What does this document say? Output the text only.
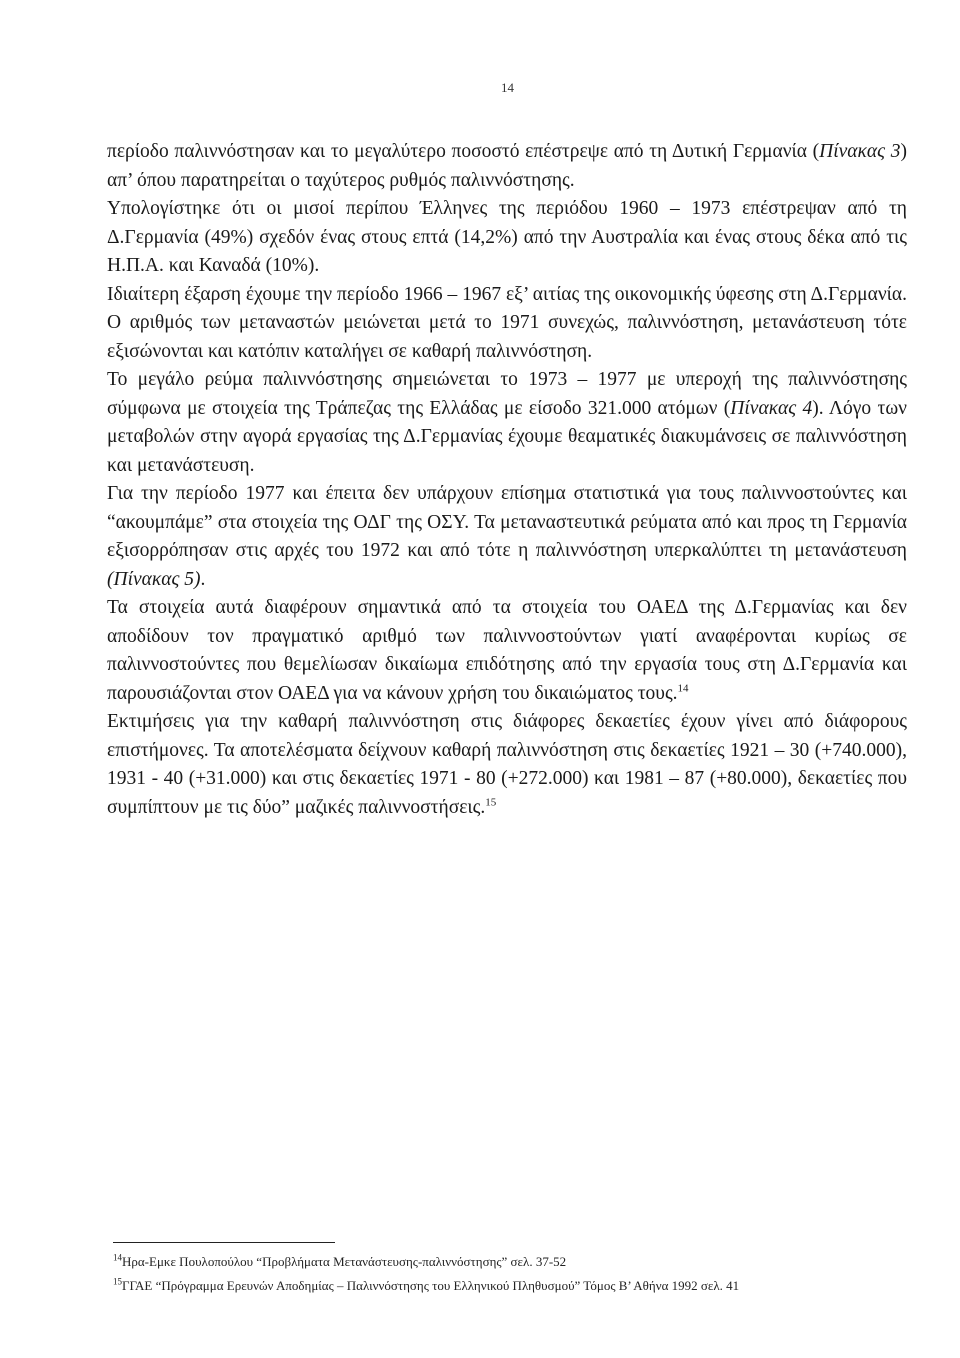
14

περίοδο παλιννόστησαν και το μεγαλύτερο ποσοστό επέστρεψε από τη Δυτική Γερμανία (Πίνακας 3) απ’ όπου παρατηρείται ο ταχύτερος ρυθμός παλιννόστησης.

Υπολογίστηκε ότι οι μισοί περίπου Έλληνες της περιόδου 1960 – 1973 επέστρεψαν από τη Δ.Γερμανία (49%) σχεδόν ένας στους επτά (14,2%) από την Αυστραλία και ένας στους δέκα από τις Η.Π.Α. και Καναδά (10%).

Ιδιαίτερη έξαρση έχουμε την περίοδο 1966 – 1967 εξ’ αιτίας της οικονομικής ύφεσης στη Δ.Γερμανία. Ο αριθμός των μεταναστών μειώνεται μετά το 1971 συνεχώς, παλιννόστηση, μετανάστευση τότε εξισώνονται και κατόπιν καταλήγει σε καθαρή παλιννόστηση.

Το μεγάλο ρεύμα παλιννόστησης σημειώνεται το 1973 – 1977 με υπεροχή της παλιννόστησης σύμφωνα με στοιχεία της Τράπεζας της Ελλάδας με είσοδο 321.000 ατόμων (Πίνακας 4). Λόγο των μεταβολών στην αγορά εργασίας της Δ.Γερμανίας έχουμε θεαματικές διακυμάνσεις σε παλιννόστηση και μετανάστευση.

Για την περίοδο 1977 και έπειτα δεν υπάρχουν επίσημα στατιστικά για τους παλιννοστούντες και “ακουμπάμε” στα στοιχεία της ΟΔΓ της ΟΣΥ. Τα μεταναστευτικά ρεύματα από και προς τη Γερμανία εξισορρόπησαν στις αρχές του 1972 και από τότε η παλιννόστηση υπερκαλύπτει τη μετανάστευση (Πίνακας 5).

Τα στοιχεία αυτά διαφέρουν σημαντικά από τα στοιχεία του ΟΑΕΔ της Δ.Γερμανίας και δεν αποδίδουν τον πραγματικό αριθμό των παλιννοστούντων γιατί αναφέρονται κυρίως σε παλιννοστούντες που θεμελίωσαν δικαίωμα επιδότησης από την εργασία τους στη Δ.Γερμανία και παρουσιάζονται στον ΟΑΕΔ για να κάνουν χρήση του δικαιώματος τους.$^{14}$

Εκτιμήσεις για την καθαρή παλιννόστηση στις διάφορες δεκαετίες έχουν γίνει από διάφορους επιστήμονες. Τα αποτελέσματα δείχνουν καθαρή παλιννόστηση στις δεκαετίες 1921 – 30 (+740.000), 1931 - 40 (+31.000) και στις δεκαετίες 1971 - 80 (+272.000) και 1981 – 87 (+80.000), δεκαετίες που συμπίπτουν με τις δύο” μαζικές παλιννοστήσεις.$^{15}$

$^{14}$Ηρα-Εμκε Πουλοπούλου “Προβλήματα Μετανάστευσης-παλιννόστησης” σελ. 37-52

$^{15}$ΓΓΑΕ “Πρόγραμμα Ερευνών Αποδημίας – Παλιννόστησης του Ελληνικού Πληθυσμού” Τόμος Β’ Αθήνα 1992 σελ. 41
